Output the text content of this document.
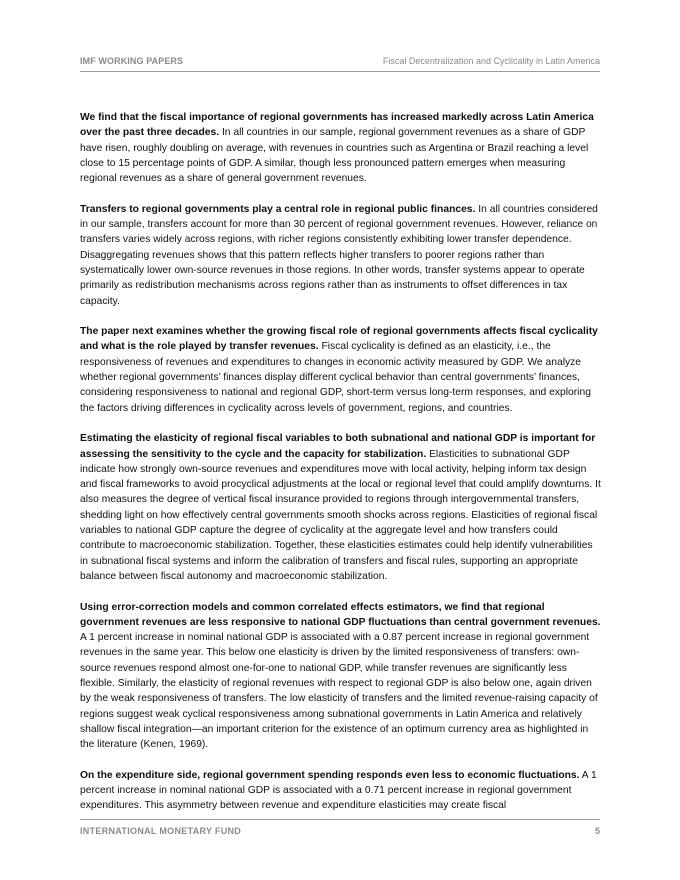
IMF WORKING PAPERS	Fiscal Decentralization and Cyclicality in Latin America

We find that the fiscal importance of regional governments has increased markedly across Latin America over the past three decades. In all countries in our sample, regional government revenues as a share of GDP have risen, roughly doubling on average, with revenues in countries such as Argentina or Brazil reaching a level close to 15 percentage points of GDP. A similar, though less pronounced pattern emerges when measuring regional revenues as a share of general government revenues.

Transfers to regional governments play a central role in regional public finances. In all countries considered in our sample, transfers account for more than 30 percent of regional government revenues. However, reliance on transfers varies widely across regions, with richer regions consistently exhibiting lower transfer dependence. Disaggregating revenues shows that this pattern reflects higher transfers to poorer regions rather than systematically lower own-source revenues in those regions. In other words, transfer systems appear to operate primarily as redistribution mechanisms across regions rather than as instruments to offset differences in tax capacity.

The paper next examines whether the growing fiscal role of regional governments affects fiscal cyclicality and what is the role played by transfer revenues. Fiscal cyclicality is defined as an elasticity, i.e., the responsiveness of revenues and expenditures to changes in economic activity measured by GDP. We analyze whether regional governments’ finances display different cyclical behavior than central governments’ finances, considering responsiveness to national and regional GDP, short-term versus long-term responses, and exploring the factors driving differences in cyclicality across levels of government, regions, and countries.

Estimating the elasticity of regional fiscal variables to both subnational and national GDP is important for assessing the sensitivity to the cycle and the capacity for stabilization. Elasticities to subnational GDP indicate how strongly own-source revenues and expenditures move with local activity, helping inform tax design and fiscal frameworks to avoid procyclical adjustments at the local or regional level that could amplify downturns. It also measures the degree of vertical fiscal insurance provided to regions through intergovernmental transfers, shedding light on how effectively central governments smooth shocks across regions. Elasticities of regional fiscal variables to national GDP capture the degree of cyclicality at the aggregate level and how transfers could contribute to macroeconomic stabilization. Together, these elasticities estimates could help identify vulnerabilities in subnational fiscal systems and inform the calibration of transfers and fiscal rules, supporting an appropriate balance between fiscal autonomy and macroeconomic stabilization.

Using error-correction models and common correlated effects estimators, we find that regional government revenues are less responsive to national GDP fluctuations than central government revenues. A 1 percent increase in nominal national GDP is associated with a 0.87 percent increase in regional government revenues in the same year. This below one elasticity is driven by the limited responsiveness of transfers: own-source revenues respond almost one-for-one to national GDP, while transfer revenues are significantly less flexible. Similarly, the elasticity of regional revenues with respect to regional GDP is also below one, again driven by the weak responsiveness of transfers. The low elasticity of transfers and the limited revenue-raising capacity of regions suggest weak cyclical responsiveness among subnational governments in Latin America and relatively shallow fiscal integration—an important criterion for the existence of an optimum currency area as highlighted in the literature (Kenen, 1969).

On the expenditure side, regional government spending responds even less to economic fluctuations. A 1 percent increase in nominal national GDP is associated with a 0.71 percent increase in regional government expenditures. This asymmetry between revenue and expenditure elasticities may create fiscal

INTERNATIONAL MONETARY FUND	5
